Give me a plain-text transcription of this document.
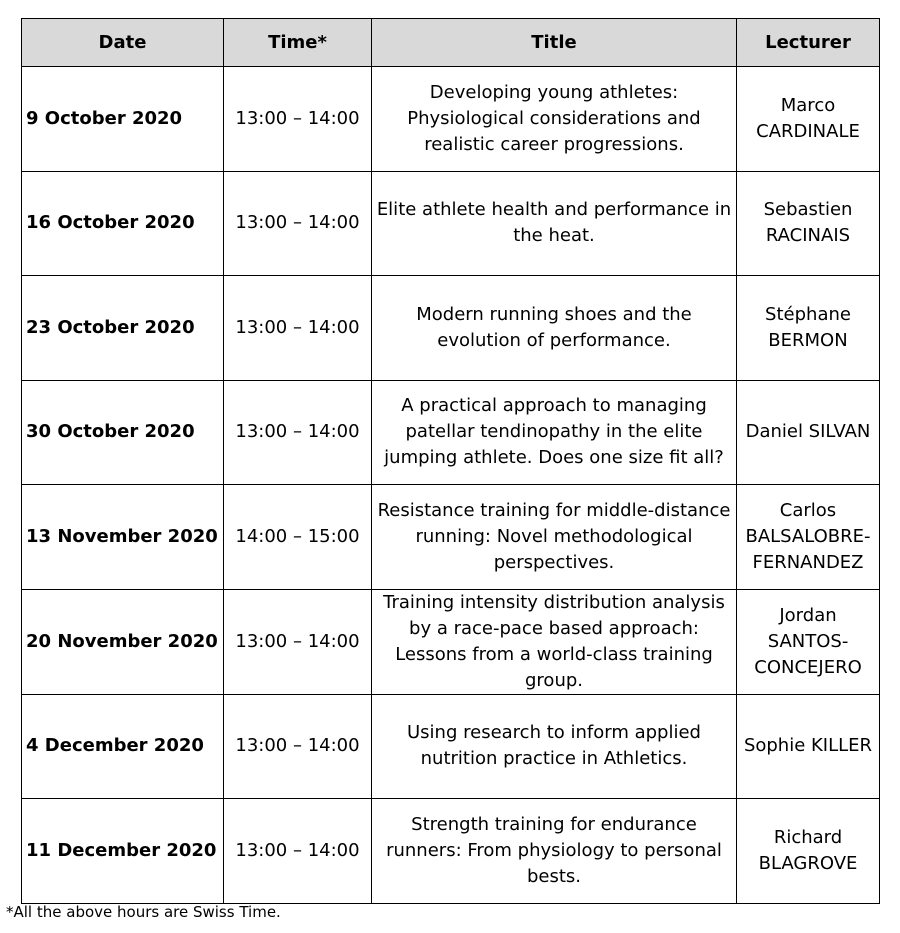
Date	Time*	Title	Lecturer
9 October 2020	13:00 – 14:00	Developing young athletes: Physiological considerations and realistic career progressions.	Marco CARDINALE
16 October 2020	13:00 – 14:00	Elite athlete health and performance in the heat.	Sebastien RACINAIS
23 October 2020	13:00 – 14:00	Modern running shoes and the evolution of performance.	Stéphane BERMON
30 October 2020	13:00 – 14:00	A practical approach to managing patellar tendinopathy in the elite jumping athlete. Does one size fit all?	Daniel SILVAN
13 November 2020	14:00 – 15:00	Resistance training for middle-distance running: Novel methodological perspectives.	Carlos BALSALOBRE-FERNANDEZ
20 November 2020	13:00 – 14:00	Training intensity distribution analysis by a race-pace based approach: Lessons from a world-class training group.	Jordan SANTOS-CONCEJERO
4 December 2020	13:00 – 14:00	Using research to inform applied nutrition practice in Athletics.	Sophie KILLER
11 December 2020	13:00 – 14:00	Strength training for endurance runners: From physiology to personal bests.	Richard BLAGROVE
*All the above hours are Swiss Time.
